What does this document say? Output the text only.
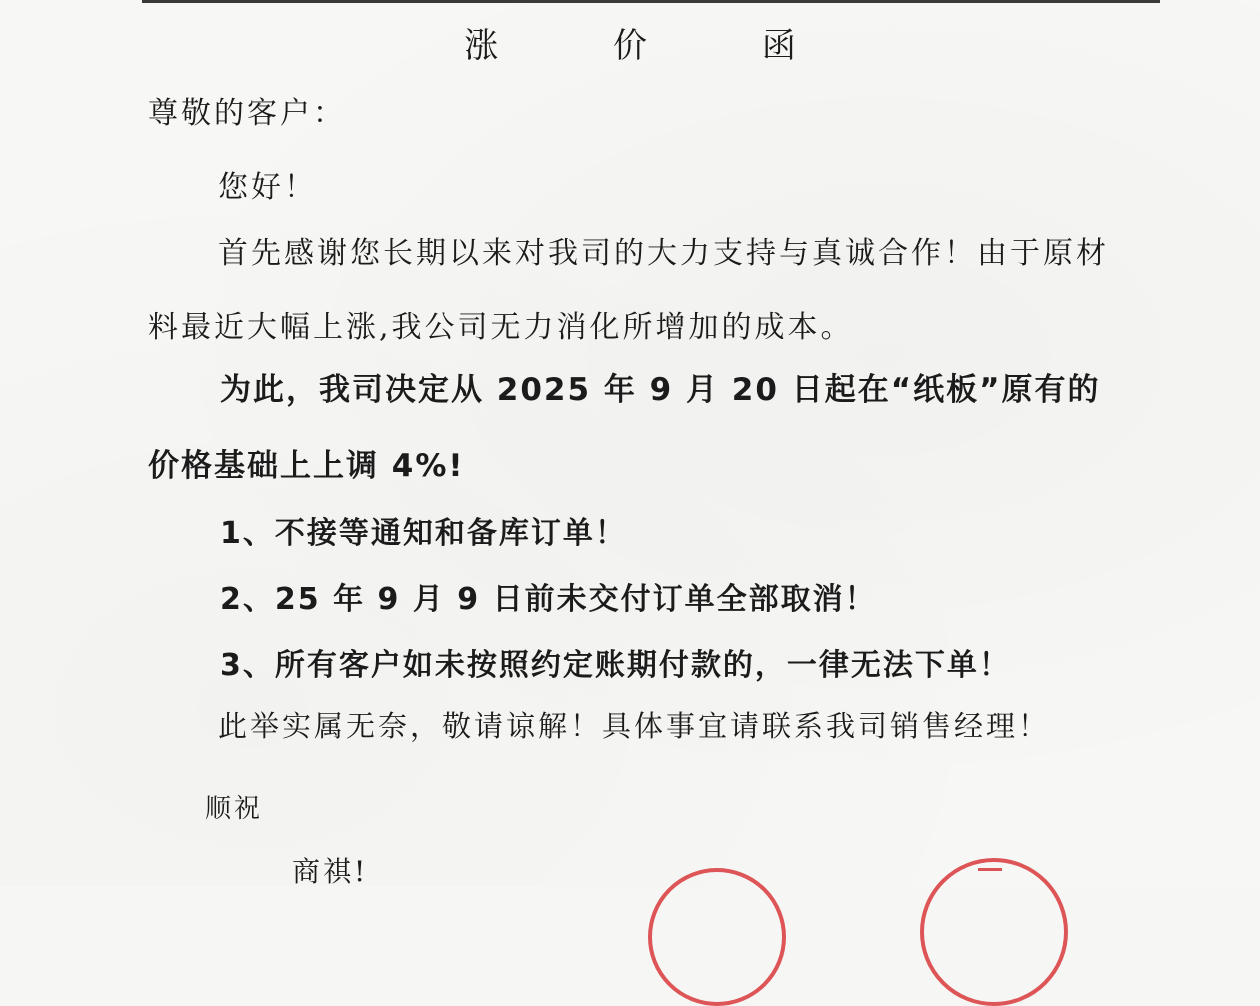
涨	价	函
尊敬的客户：
您好！
首先感谢您长期以来对我司的大力支持与真诚合作！由于原材
料最近大幅上涨,我公司无力消化所增加的成本。
为此，我司决定从 2025 年 9 月 20 日起在“纸板”原有的
价格基础上上调 4%!
1、不接等通知和备库订单！
2、25 年 9 月 9 日前未交付订单全部取消！
3、所有客户如未按照约定账期付款的，一律无法下单！
此举实属无奈，敬请谅解！具体事宜请联系我司销售经理！
顺祝
商祺!
